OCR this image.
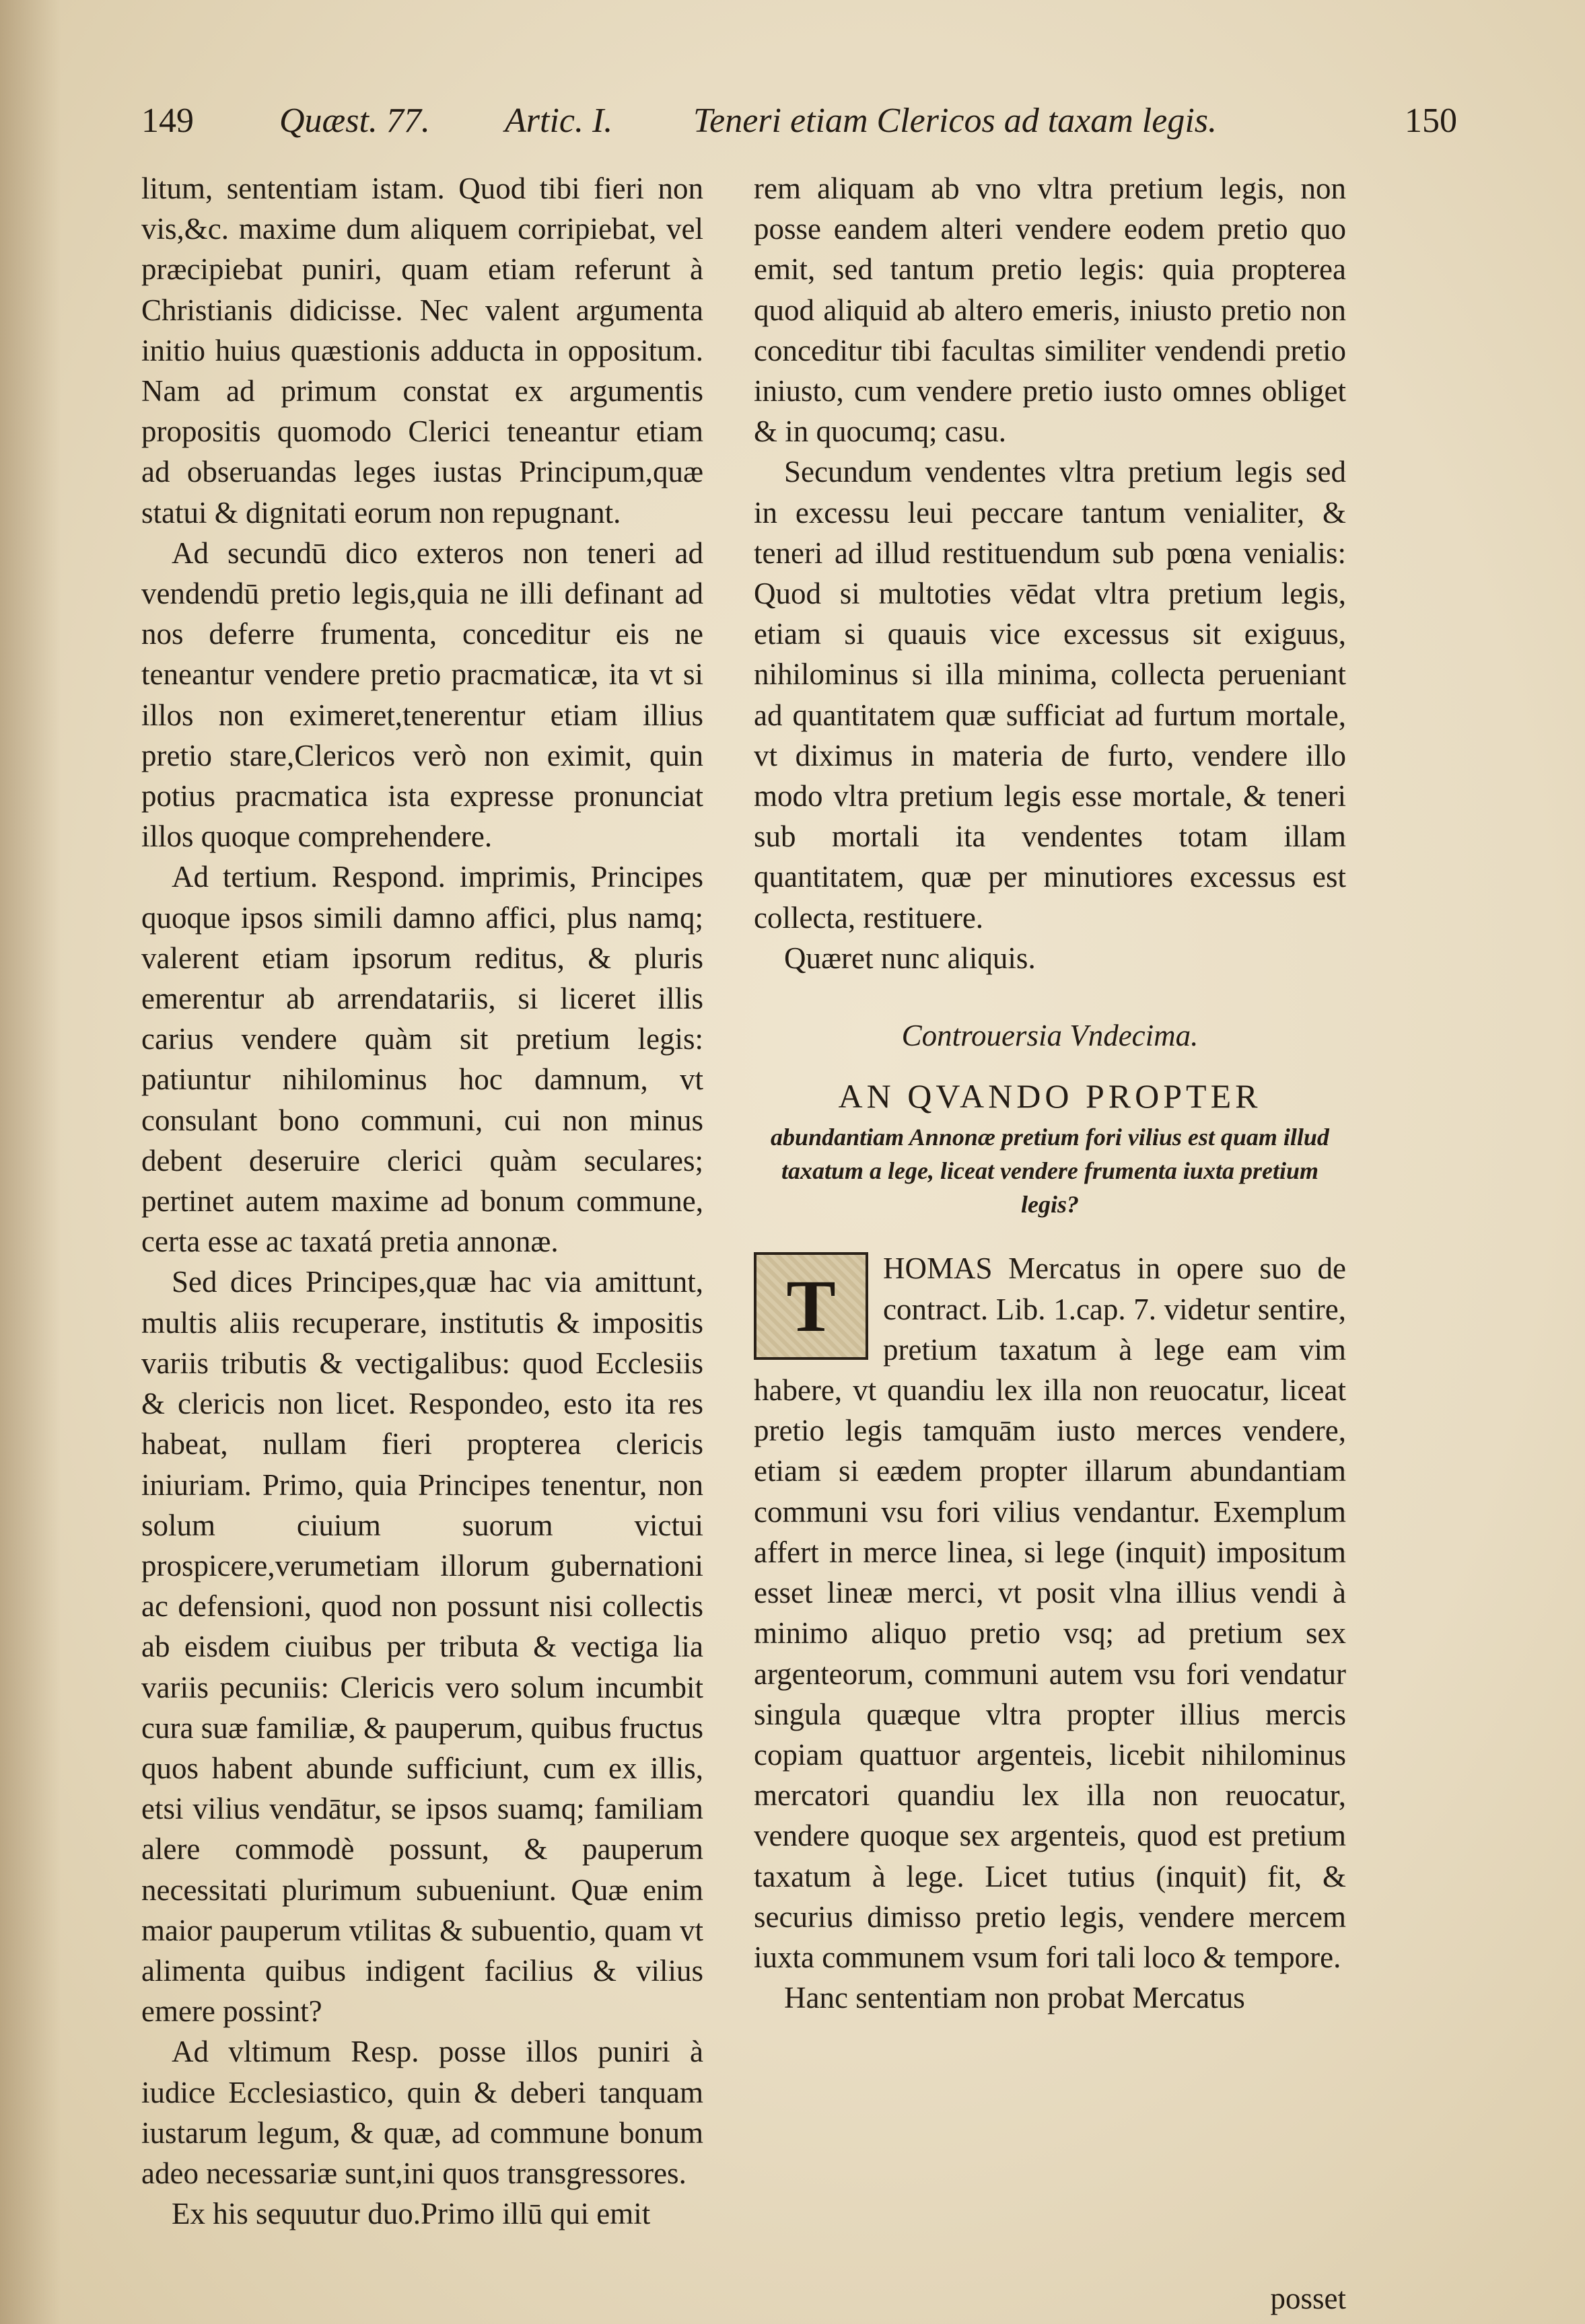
149 Quæst. 77. Artic. I. Teneri etiam Clericos ad taxam legis.	150

litum, sententiam istam. Quod tibi fieri non vis,&c. maxime dum aliquem corripiebat, vel præcipiebat puniri, quam etiam referunt à Christianis didicisse. Nec valent argumenta initio huius quæstionis adducta in oppositum. Nam ad primum constat ex argumentis propositis quomodo Clerici teneantur etiam ad obseruandas leges iustas Principum,quæ statui & dignitati eorum non repugnant.

Ad secundū dico exteros non teneri ad vendendū pretio legis,quia ne illi definant ad nos deferre frumenta, conceditur eis ne teneantur vendere pretio pracmaticæ, ita vt si illos non eximeret,tenerentur etiam illius pretio stare,Clericos verò non eximit, quin potius pracmatica ista expresse pronunciat illos quoque comprehendere.

Ad tertium. Respond. imprimis, Principes quoque ipsos simili damno affici, plus namq; valerent etiam ipsorum reditus, & pluris emerentur ab arrendatariis, si liceret illis carius vendere quàm sit pretium legis: patiuntur nihilominus hoc damnum, vt consulant bono communi, cui non minus debent deseruire clerici quàm seculares; pertinet autem maxime ad bonum commune, certa esse ac taxatá pretia annonæ.

Sed dices Principes,quæ hac via amittunt, multis aliis recuperare, institutis & impositis variis tributis & vectigalibus: quod Ecclesiis & clericis non licet. Respondeo, esto ita res habeat, nullam fieri propterea clericis iniuriam. Primo, quia Principes tenentur, non solum ciuium suorum victui prospicere,verumetiam illorum gubernationi ac defensioni, quod non possunt nisi collectis ab eisdem ciuibus per tributa & vectiga lia variis pecuniis: Clericis vero solum incumbit cura suæ familiæ, & pauperum, quibus fructus quos habent abunde sufficiunt, cum ex illis, etsi vilius vendātur, se ipsos suamq; familiam alere commodè possunt, & pauperum necessitati plurimum subueniunt. Quæ enim maior pauperum vtilitas & subuentio, quam vt alimenta quibus indigent facilius & vilius emere possint?

Ad vltimum Resp. posse illos puniri à iudice Ecclesiastico, quin & deberi tanquam iustarum legum, & quæ, ad commune bonum adeo necessariæ sunt,ini quos transgressores.

Ex his sequutur duo.Primo illū qui emit

rem aliquam ab vno vltra pretium legis, non posse eandem alteri vendere eodem pretio quo emit, sed tantum pretio legis: quia propterea quod aliquid ab altero emeris, iniusto pretio non conceditur tibi facultas similiter vendendi pretio iniusto, cum vendere pretio iusto omnes obliget & in quocumq; casu.

Secundum vendentes vltra pretium legis sed in excessu leui peccare tantum venialiter, & teneri ad illud restituendum sub pœna venialis: Quod si multoties vēdat vltra pretium legis, etiam si quauis vice excessus sit exiguus, nihilominus si illa minima, collecta perueniant ad quantitatem quæ sufficiat ad furtum mortale, vt diximus in materia de furto, vendere illo modo vltra pretium legis esse mortale, & teneri sub mortali ita vendentes totam illam quantitatem, quæ per minutiores excessus est collecta, restituere.

Quæret nunc aliquis.

Controuersia Vndecima.
AN QVANDO PROPTER
abundantiam Annonæ pretium fori vilius est quam illud taxatum a lege, liceat vendere frumenta iuxta pretium legis?
T	HOMAS Mercatus in opere suo de contract. Lib. 1.cap. 7. videtur sentire, pretium taxatum à lege eam vim habere, vt quandiu lex illa non reuocatur, liceat pretio legis tamquām iusto merces vendere, etiam si eædem propter illarum abundantiam communi vsu fori vilius vendantur. Exemplum affert in merce linea, si lege (inquit) impositum esset lineæ merci, vt posit vlna illius vendi à minimo aliquo pretio vsq; ad pretium sex argenteorum, communi autem vsu fori vendatur singula quæque vltra propter illius mercis copiam quattuor argenteis, licebit nihilominus mercatori quandiu lex illa non reuocatur, vendere quoque sex argenteis, quod est pretium taxatum à lege. Licet tutius (inquit) fit, & securius dimisso pretio legis, vendere mercem iuxta communem vsum fori tali loco & tempore.

Hanc sententiam non probat Mercatus

posset
